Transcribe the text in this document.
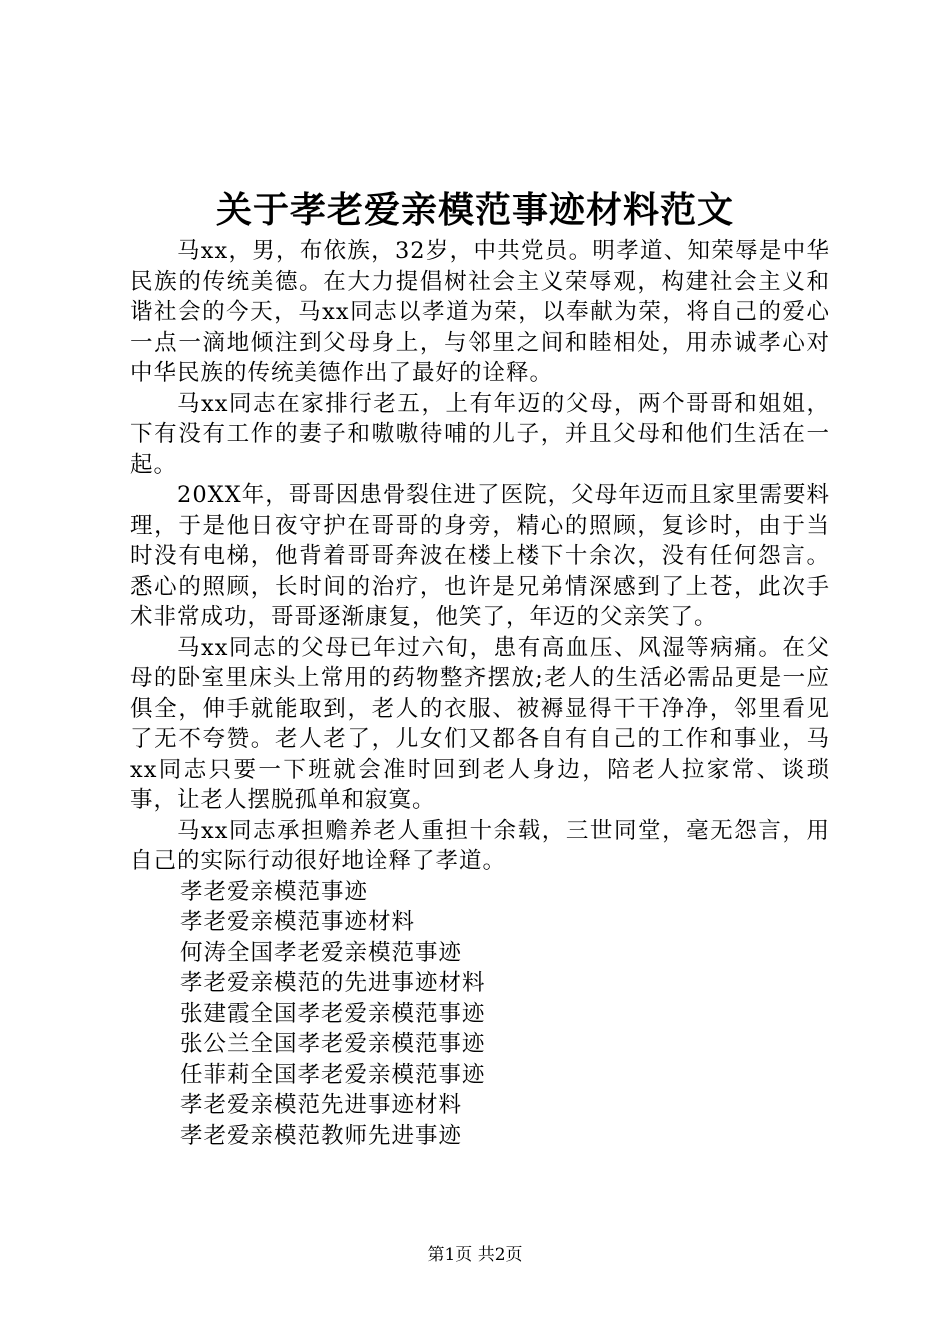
关于孝老爱亲模范事迹材料范文

马xx，男，布依族，32岁，中共党员。明孝道、知荣辱是中华民族的传统美德。在大力提倡树社会主义荣辱观，构建社会主义和谐社会的今天，马xx同志以孝道为荣，以奉献为荣，将自己的爱心一点一滴地倾注到父母身上，与邻里之间和睦相处，用赤诚孝心对中华民族的传统美德作出了最好的诠释。

马xx同志在家排行老五，上有年迈的父母，两个哥哥和姐姐，下有没有工作的妻子和嗷嗷待哺的儿子，并且父母和他们生活在一起。

20XX年，哥哥因患骨裂住进了医院，父母年迈而且家里需要料理，于是他日夜守护在哥哥的身旁，精心的照顾，复诊时，由于当时没有电梯，他背着哥哥奔波在楼上楼下十余次，没有任何怨言。悉心的照顾，长时间的治疗，也许是兄弟情深感到了上苍，此次手术非常成功，哥哥逐渐康复，他笑了，年迈的父亲笑了。

马xx同志的父母已年过六旬，患有高血压、风湿等病痛。在父母的卧室里床头上常用的药物整齐摆放;老人的生活必需品更是一应俱全，伸手就能取到，老人的衣服、被褥显得干干净净，邻里看见了无不夸赞。老人老了，儿女们又都各自有自己的工作和事业，马xx同志只要一下班就会准时回到老人身边，陪老人拉家常、谈琐事，让老人摆脱孤单和寂寞。

马xx同志承担赡养老人重担十余载，三世同堂，毫无怨言，用自己的实际行动很好地诠释了孝道。

孝老爱亲模范事迹
孝老爱亲模范事迹材料
何涛全国孝老爱亲模范事迹
孝老爱亲模范的先进事迹材料
张建霞全国孝老爱亲模范事迹
张公兰全国孝老爱亲模范事迹
任菲莉全国孝老爱亲模范事迹
孝老爱亲模范先进事迹材料
孝老爱亲模范教师先进事迹
第1页 共2页
